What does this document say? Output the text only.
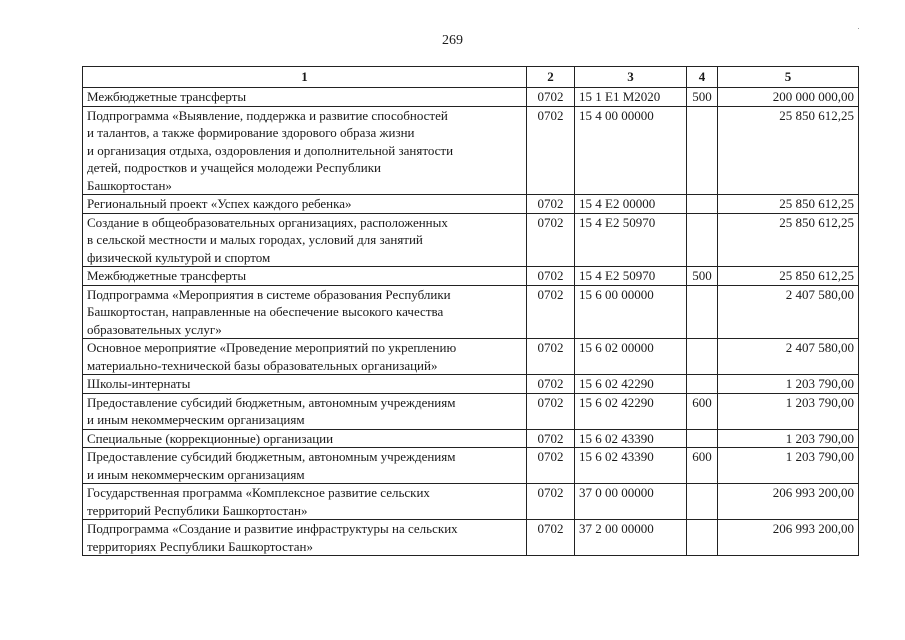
269
1	2	3	4	5

Межбюджетные трансферты	0702	15 1 E1 М2020	500	200 000 000,00

Подпрограмма «Выявление, поддержка и развитие способностей
и талантов, а также формирование здорового образа жизни
и организация отдыха, оздоровления и дополнительной занятости
детей, подростков и учащейся молодежи Республики
Башкортостан»	0702	15 4 00 00000		25 850 612,25

Региональный проект «Успех каждого ребенка»	0702	15 4 E2 00000		25 850 612,25

Создание в общеобразовательных организациях, расположенных
в сельской местности и малых городах, условий для занятий
физической культурой и спортом	0702	15 4 E2 50970		25 850 612,25

Межбюджетные трансферты	0702	15 4 E2 50970	500	25 850 612,25

Подпрограмма «Мероприятия в системе образования Республики
Башкортостан, направленные на обеспечение высокого качества
образовательных услуг»	0702	15 6 00 00000		2 407 580,00

Основное мероприятие «Проведение мероприятий по укреплению
материально-технической базы образовательных организаций»	0702	15 6 02 00000		2 407 580,00

Школы-интернаты	0702	15 6 02 42290		1 203 790,00

Предоставление субсидий бюджетным, автономным учреждениям
и иным некоммерческим организациям	0702	15 6 02 42290	600	1 203 790,00

Специальные (коррекционные) организации	0702	15 6 02 43390		1 203 790,00

Предоставление субсидий бюджетным, автономным учреждениям
и иным некоммерческим организациям	0702	15 6 02 43390	600	1 203 790,00

Государственная программа «Комплексное развитие сельских
территорий Республики Башкортостан»	0702	37 0 00 00000		206 993 200,00

Подпрограмма «Создание и развитие инфраструктуры на сельских
территориях Республики Башкортостан»	0702	37 2 00 00000		206 993 200,00
